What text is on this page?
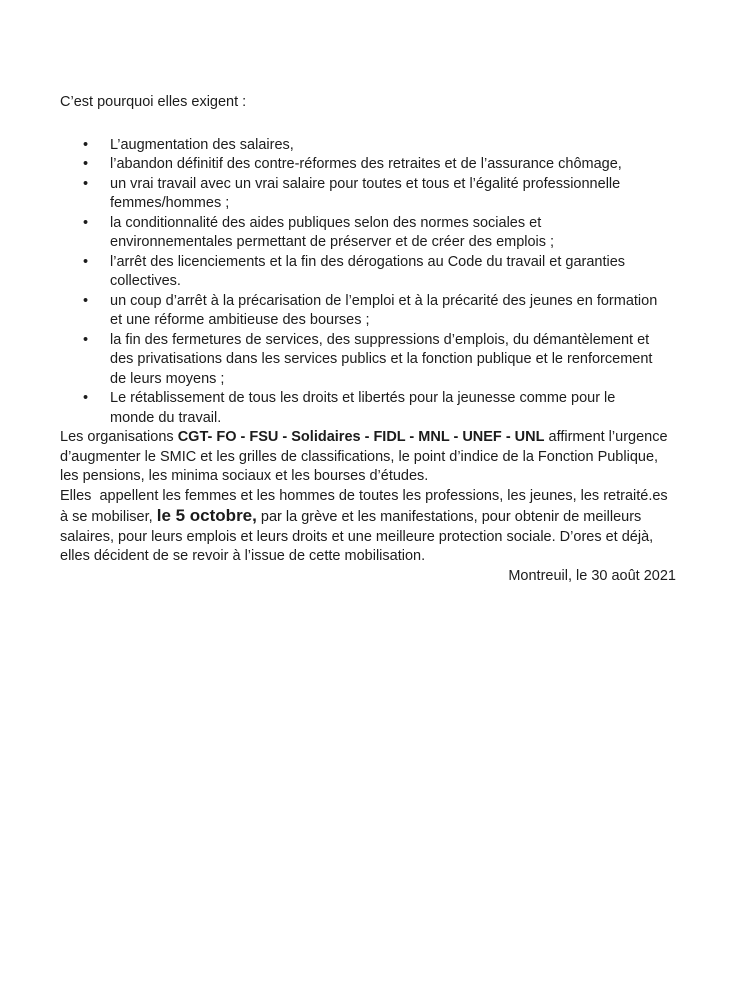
C’est pourquoi elles exigent :

• L’augmentation des salaires,
• l’abandon définitif des contre-réformes des retraites et de l’assurance chômage,
• un vrai travail avec un vrai salaire pour toutes et tous et l’égalité professionnelle femmes/hommes ;
• la conditionnalité des aides publiques selon des normes sociales et environnementales permettant de préserver et de créer des emplois ;
• l’arrêt des licenciements et la fin des dérogations au Code du travail et garanties collectives.
• un coup d’arrêt à la précarisation de l’emploi et à la précarité des jeunes en formation et une réforme ambitieuse des bourses ;
• la fin des fermetures de services, des suppressions d’emplois, du démantèlement et des privatisations dans les services publics et la fonction publique et le renforcement de leurs moyens ;
• Le rétablissement de tous les droits et libertés pour la jeunesse comme pour le monde du travail.

Les organisations CGT- FO - FSU - Solidaires - FIDL - MNL - UNEF - UNL affirment l’urgence d’augmenter le SMIC et les grilles de classifications, le point d’indice de la Fonction Publique, les pensions, les minima sociaux et les bourses d’études.

Elles  appellent les femmes et les hommes de toutes les professions, les jeunes, les retraité.es à se mobiliser, le 5 octobre, par la grève et les manifestations, pour obtenir de meilleurs salaires, pour leurs emplois et leurs droits et une meilleure protection sociale. D’ores et déjà, elles décident de se revoir à l’issue de cette mobilisation.

Montreuil, le 30 août 2021
